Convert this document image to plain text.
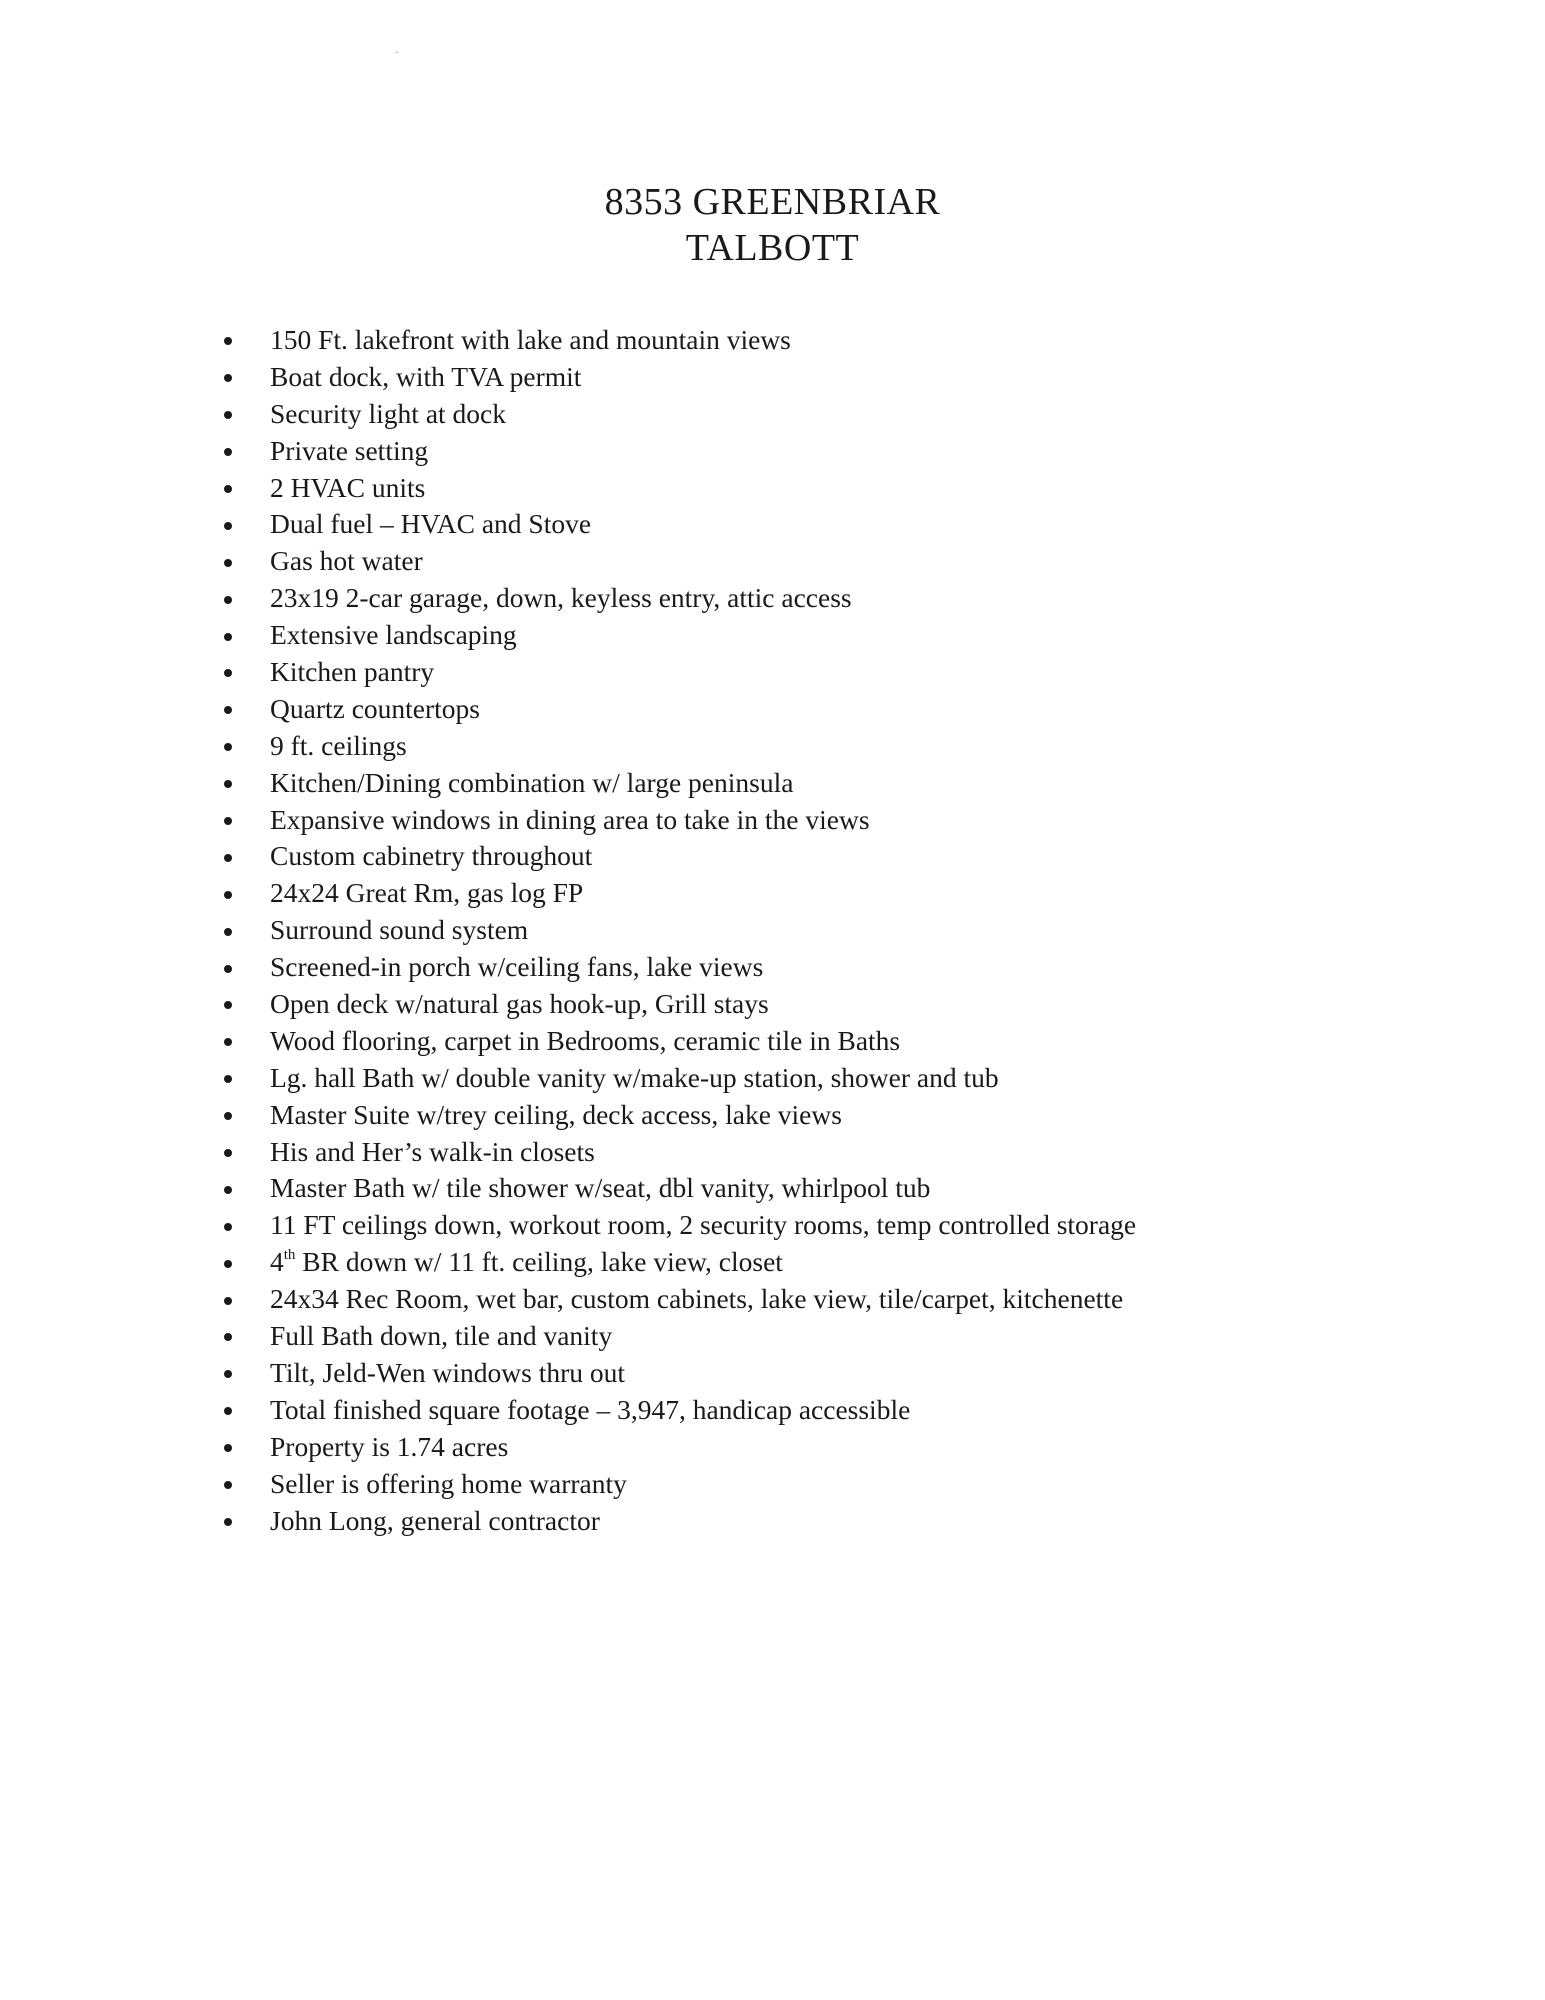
8353 GREENBRIAR
TALBOTT
150 Ft. lakefront with lake and mountain views
Boat dock, with TVA permit
Security light at dock
Private setting
2 HVAC units
Dual fuel – HVAC and Stove
Gas hot water
23x19 2-car garage, down, keyless entry, attic access
Extensive landscaping
Kitchen pantry
Quartz countertops
9 ft. ceilings
Kitchen/Dining combination w/ large peninsula
Expansive windows in dining area to take in the views
Custom cabinetry throughout
24x24 Great Rm, gas log FP
Surround sound system
Screened-in porch w/ceiling fans, lake views
Open deck w/natural gas hook-up, Grill stays
Wood flooring, carpet in Bedrooms, ceramic tile in Baths
Lg. hall Bath w/ double vanity w/make-up station, shower and tub
Master Suite w/trey ceiling, deck access, lake views
His and Her’s walk-in closets
Master Bath w/ tile shower w/seat, dbl vanity, whirlpool tub
11 FT ceilings down, workout room, 2 security rooms, temp controlled storage
4th BR down w/ 11 ft. ceiling, lake view, closet
24x34 Rec Room, wet bar, custom cabinets, lake view, tile/carpet, kitchenette
Full Bath down, tile and vanity
Tilt, Jeld-Wen windows thru out
Total finished square footage – 3,947, handicap accessible
Property is 1.74 acres
Seller is offering home warranty
John Long, general contractor
